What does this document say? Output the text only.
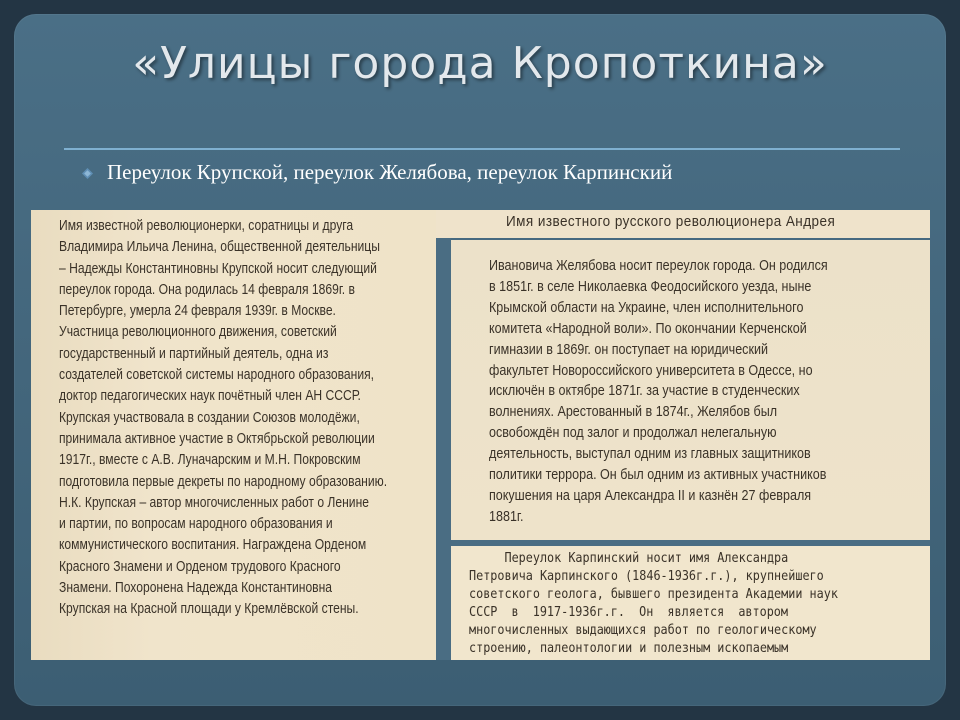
«Улицы города Кропоткина»
Переулок Крупской, переулок Желябова, переулок Карпинский
Имя известной революционерки, соратницы и друга
Владимира Ильича Ленина, общественной деятельницы
– Надежды Константиновны Крупской носит следующий
переулок города. Она родилась 14 февраля 1869г. в
Петербурге, умерла 24 февраля 1939г. в Москве.
Участница революционного движения, советский
государственный и партийный деятель, одна из
создателей советской системы народного образования,
доктор педагогических наук почётный член АН СССР.
Крупская участвовала в создании Союзов молодёжи,
принимала активное участие в Октябрьской революции
1917г., вместе с А.В. Луначарским и М.Н. Покровским
подготовила первые декреты по народному образованию.
Н.К. Крупская – автор многочисленных работ о Ленине
и партии, по вопросам народного образования и
коммунистического воспитания. Награждена Орденом
Красного Знамени и Орденом трудового Красного
Знамени. Похоронена Надежда Константиновна
Крупская на Красной площади у Кремлёвской стены.
Имя известного русского революционера Андрея
Ивановича Желябова носит переулок города. Он родился
в 1851г. в селе Николаевка Феодосийского уезда, ныне
Крымской области на Украине, член исполнительного
комитета «Народной воли». По окончании Керченской
гимназии в 1869г. он поступает на юридический
факультет Новороссийского университета в Одессе, но
исключён в октябре 1871г. за участие в студенческих
волнениях. Арестованный в 1874г., Желябов был
освобождён под залог и продолжал нелегальную
деятельность, выступал одним из главных защитников
политики террора. Он был одним из активных участников
покушения на царя Александра II и казнён 27 февраля
1881г.
Переулок Карпинский носит имя Александра
Петровича Карпинского (1846-1936г.г.), крупнейшего
советского геолога, бывшего президента Академии наук
СССР в 1917-1936г.г. Он является автором
многочисленных выдающихся работ по геологическому
строению, палеонтологии и полезным ископаемым
